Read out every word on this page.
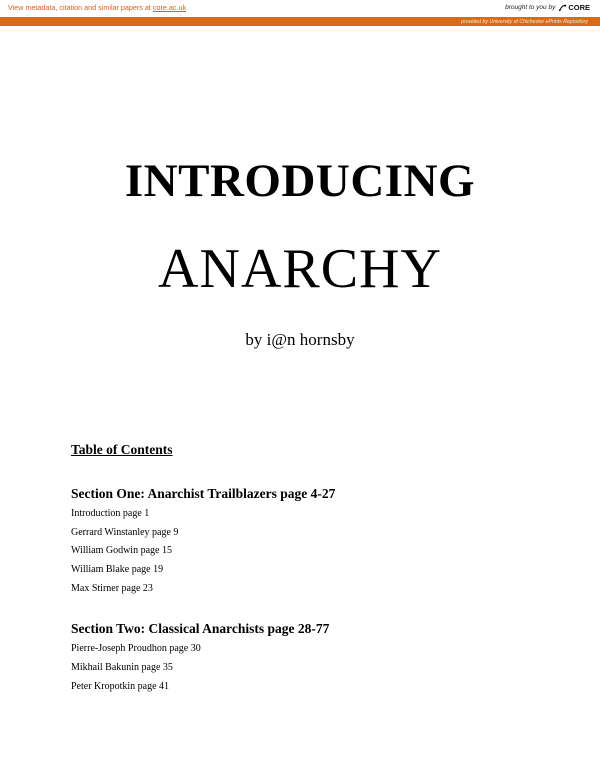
View metadata, citation and similar papers at core.ac.uk	brought to you by CORE
provided by University of Chichester ePrints Repository
INTRODUCING
ANARCHY
by i@n hornsby
Table of Contents
Section One: Anarchist Trailblazers page 4-27
Introduction page 1
Gerrard Winstanley page 9
William Godwin page 15
William Blake page 19
Max Stirner page 23
Section Two: Classical Anarchists page 28-77
Pierre-Joseph Proudhon page 30
Mikhail Bakunin page 35
Peter Kropotkin page 41
